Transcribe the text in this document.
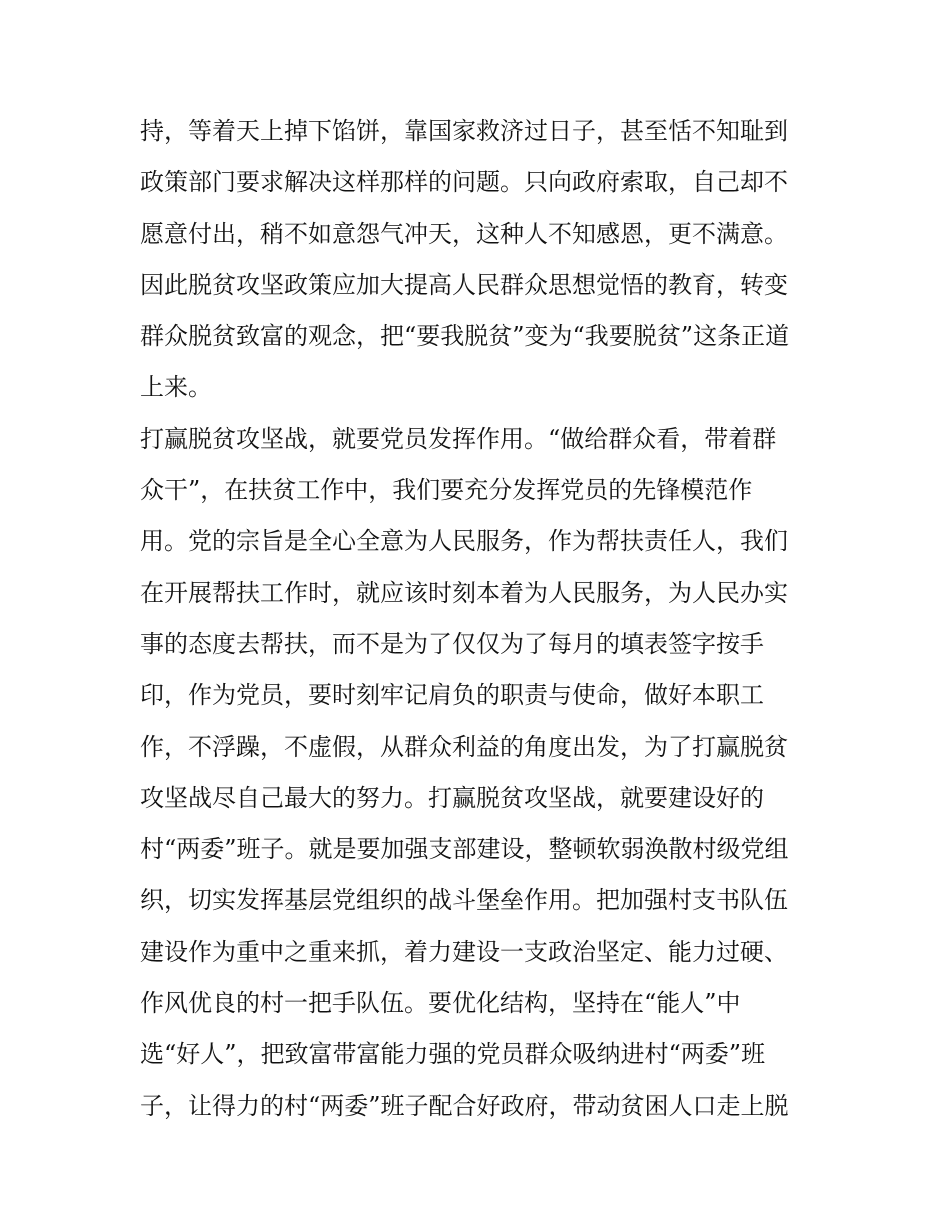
持，等着天上掉下馅饼，靠国家救济过日子，甚至恬不知耻到
政策部门要求解决这样那样的问题。只向政府索取，自己却不
愿意付出，稍不如意怨气冲天，这种人不知感恩，更不满意。
因此脱贫攻坚政策应加大提高人民群众思想觉悟的教育，转变
群众脱贫致富的观念，把“要我脱贫”变为“我要脱贫”这条正道
上来。
打赢脱贫攻坚战，就要党员发挥作用。“做给群众看，带着群
众干”，在扶贫工作中，我们要充分发挥党员的先锋模范作
用。党的宗旨是全心全意为人民服务，作为帮扶责任人，我们
在开展帮扶工作时，就应该时刻本着为人民服务，为人民办实
事的态度去帮扶，而不是为了仅仅为了每月的填表签字按手
印，作为党员，要时刻牢记肩负的职责与使命，做好本职工
作，不浮躁，不虚假，从群众利益的角度出发，为了打赢脱贫
攻坚战尽自己最大的努力。打赢脱贫攻坚战，就要建设好的
村“两委”班子。就是要加强支部建设，整顿软弱涣散村级党组
织，切实发挥基层党组织的战斗堡垒作用。把加强村支书队伍
建设作为重中之重来抓，着力建设一支政治坚定、能力过硬、
作风优良的村一把手队伍。要优化结构，坚持在“能人”中
选“好人”，把致富带富能力强的党员群众吸纳进村“两委”班
子，让得力的村“两委”班子配合好政府，带动贫困人口走上脱
